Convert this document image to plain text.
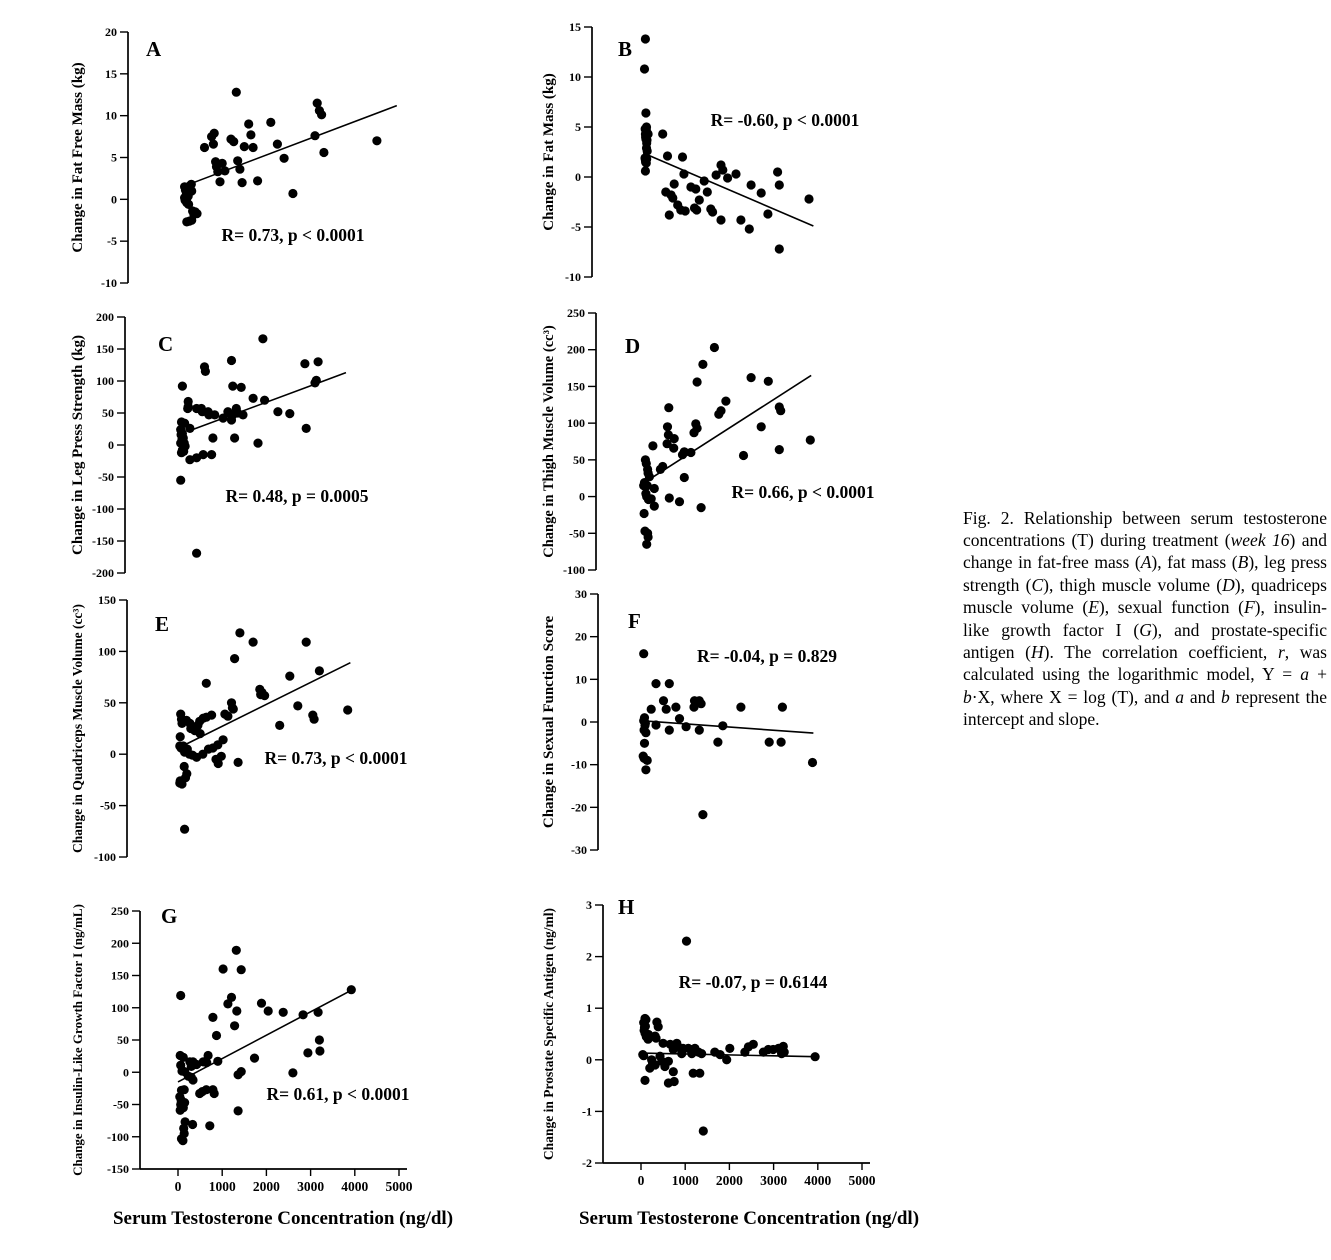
20
15
10
5
0
-5
-10
A
R= 0.73, p < 0.0001
Change in Fat Free Mass (kg)
15
10
5
0
-5
-10
B
R= -0.60, p < 0.0001
Change in Fat Mass (kg)
200
150
100
50
0
-50
-100
-150
-200
C
R= 0.48, p = 0.0005
Change in Leg Press Strength (kg)
250
200
150
100
50
0
-50
-100
D
R= 0.66, p < 0.0001
Change in Thigh Muscle Volume (cc³)
150
100
50
0
-50
-100
E
R= 0.73, p < 0.0001
Change in Quadriceps Muscle Volume (cc³)
30
20
10
0
-10
-20
-30
F
R= -0.04, p = 0.829
Change in Sexual Function Score
250
200
150
100
50
0
-50
-100
-150
0 1000 2000 3000 4000 5000
G
R= 0.61, p < 0.0001
Change in Insulin-Like Growth Factor I (ng/mL)	3
2
1
0
-1
-2
0 1000 2000 3000 4000 5000
H
R= -0.07, p = 0.6144
Change in Prostate Specific Antigen (ng/ml)
Serum Testosterone Concentration (ng/dl)	Serum Testosterone Concentration (ng/dl)

Fig. 2. Relationship between serum testosterone concentrations (T) during treatment (week 16) and change in fat-free mass (A), fat mass (B), leg press strength (C), thigh muscle volume (D), quadriceps muscle volume (E), sexual function (F), insulin-like growth factor I (G), and prostate-specific antigen (H). The correlation coefficient, r, was calculated using the logarithmic model, Y = a + b·X, where X = log (T), and a and b represent the intercept and slope.
